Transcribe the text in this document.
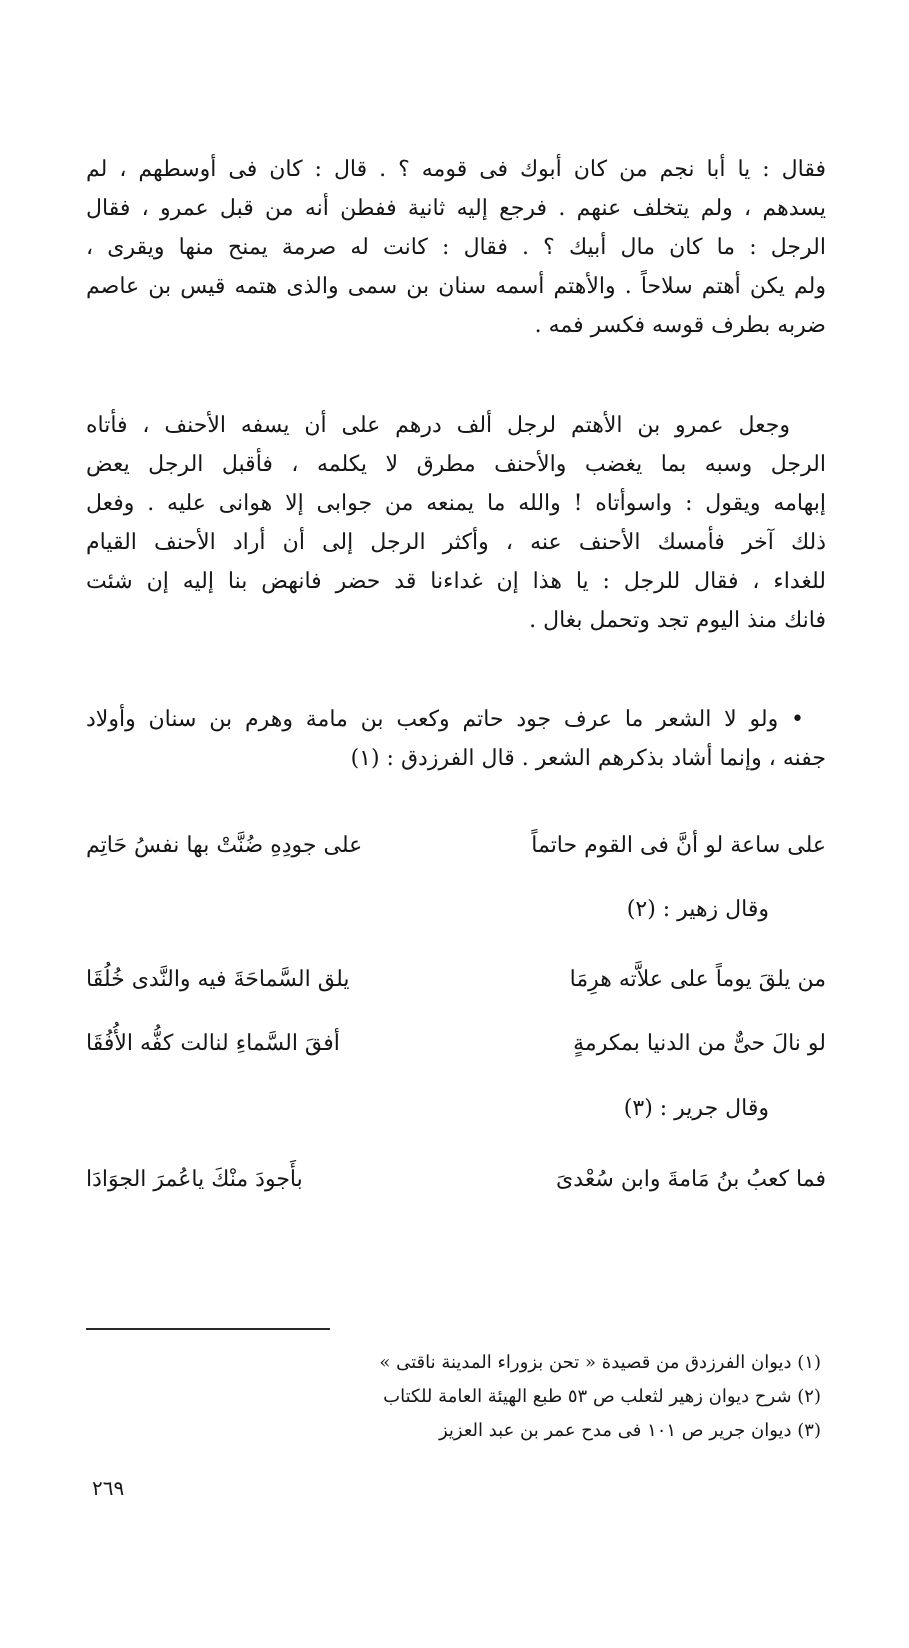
فقال : يا أبا نجم من كان أبوك فى قومه ؟ . قال : كان فى أوسطهم ، لم
يسدهم ، ولم يتخلف عنهم . فرجع إليه ثانية ففطن أنه من قبل عمرو ، فقال
الرجل : ما كان مال أبيك ؟ . فقال : كانت له صرمة يمنح منها ويقرى ،
ولم يكن أهتم سلاحاً . والأهتم أسمه سنان بن سمى والذى هتمه قيس بن عاصم
ضربه بطرف قوسه فكسر فمه .
وجعل عمرو بن الأهتم لرجل ألف درهم على أن يسفه الأحنف ، فأتاه
الرجل وسبه بما يغضب والأحنف مطرق لا يكلمه ، فأقبل الرجل يعض
إبهامه ويقول : واسوأتاه ! والله ما يمنعه من جوابى إلا هوانى عليه . وفعل
ذلك آخر فأمسك الأحنف عنه ، وأكثر الرجل إلى أن أراد الأحنف القيام
للغداء ، فقال للرجل : يا هذا إن غداءنا قد حضر فانهض بنا إليه إن شئت
فانك منذ اليوم تجد وتحمل بغال .
• ولو لا الشعر ما عرف جود حاتم وكعب بن مامة وهرم بن سنان وأولاد
جفنه ، وإنما أشاد بذكرهم الشعر . قال الفرزدق : (١)
على ساعة لو أنَّ فى القوم حاتماً
على جودِهِ ضُنَّتْ بها نفسُ حَاتِم
وقال زهير : (٢)
من يلقَ يوماً على علاَّته هرِمَا
يلق السَّماحَةَ فيه والنَّدى خُلُقَا
لو نالَ حىٌّ من الدنيا بمكرمةٍ
أفقَ السَّماءِ لنالت كفُّه الأُفُقَا
وقال جرير : (٣)
فما كعبُ بنُ مَامةَ وابن سُعْدىَ
بأَجودَ منْكَ ياعُمرَ الجوَادَا
(١) ديوان الفرزدق من قصيدة « تحن بزوراء المدينة ناقتى »
(٢) شرح ديوان زهير لثعلب ص ٥٣ طبع الهيئة العامة للكتاب
(٣) ديوان جرير ص ١٠١ فى مدح عمر بن عبد العزيز
٢٦٩
